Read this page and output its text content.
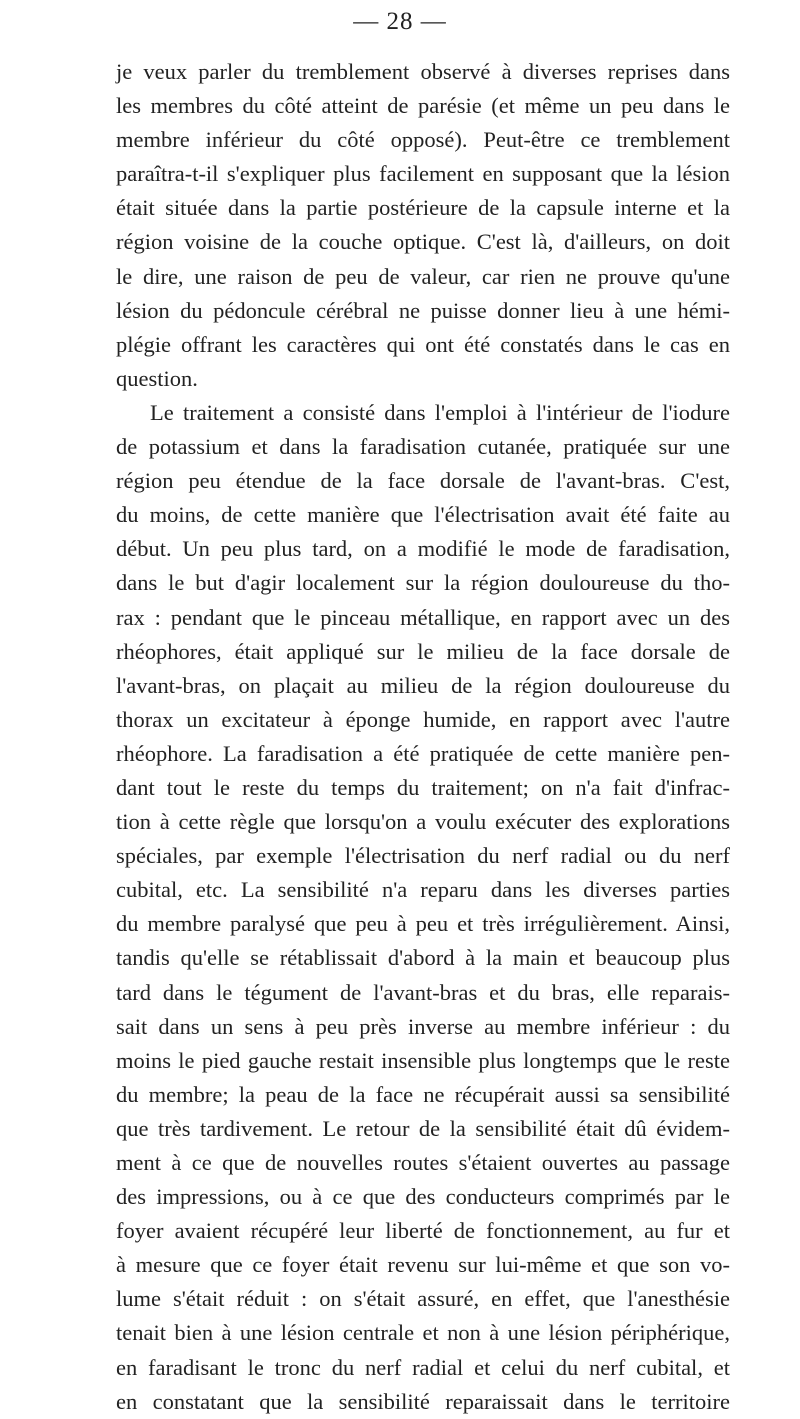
— 28 —
je veux parler du tremblement observé à diverses reprises dans
les membres du côté atteint de parésie (et même un peu dans le
membre inférieur du côté opposé). Peut-être ce tremblement
paraîtra-t-il s'expliquer plus facilement en supposant que la lésion
était située dans la partie postérieure de la capsule interne et la
région voisine de la couche optique. C'est là, d'ailleurs, on doit
le dire, une raison de peu de valeur, car rien ne prouve qu'une
lésion du pédoncule cérébral ne puisse donner lieu à une hémi-
plégie offrant les caractères qui ont été constatés dans le cas en
question.
Le traitement a consisté dans l'emploi à l'intérieur de l'iodure
de potassium et dans la faradisation cutanée, pratiquée sur une
région peu étendue de la face dorsale de l'avant-bras. C'est,
du moins, de cette manière que l'électrisation avait été faite au
début. Un peu plus tard, on a modifié le mode de faradisation,
dans le but d'agir localement sur la région douloureuse du tho-
rax : pendant que le pinceau métallique, en rapport avec un des
rhéophores, était appliqué sur le milieu de la face dorsale de
l'avant-bras, on plaçait au milieu de la région douloureuse du
thorax un excitateur à éponge humide, en rapport avec l'autre
rhéophore. La faradisation a été pratiquée de cette manière pen-
dant tout le reste du temps du traitement; on n'a fait d'infrac-
tion à cette règle que lorsqu'on a voulu exécuter des explorations
spéciales, par exemple l'électrisation du nerf radial ou du nerf
cubital, etc. La sensibilité n'a reparu dans les diverses parties
du membre paralysé que peu à peu et très irrégulièrement. Ainsi,
tandis qu'elle se rétablissait d'abord à la main et beaucoup plus
tard dans le tégument de l'avant-bras et du bras, elle reparais-
sait dans un sens à peu près inverse au membre inférieur : du
moins le pied gauche restait insensible plus longtemps que le reste
du membre; la peau de la face ne récupérait aussi sa sensibilité
que très tardivement. Le retour de la sensibilité était dû évidem-
ment à ce que de nouvelles routes s'étaient ouvertes au passage
des impressions, ou à ce que des conducteurs comprimés par le
foyer avaient récupéré leur liberté de fonctionnement, au fur et
à mesure que ce foyer était revenu sur lui-même et que son vo-
lume s'était réduit : on s'était assuré, en effet, que l'anesthésie
tenait bien à une lésion centrale et non à une lésion périphérique,
en faradisant le tronc du nerf radial et celui du nerf cubital, et
en constatant que la sensibilité reparaissait dans le territoire
